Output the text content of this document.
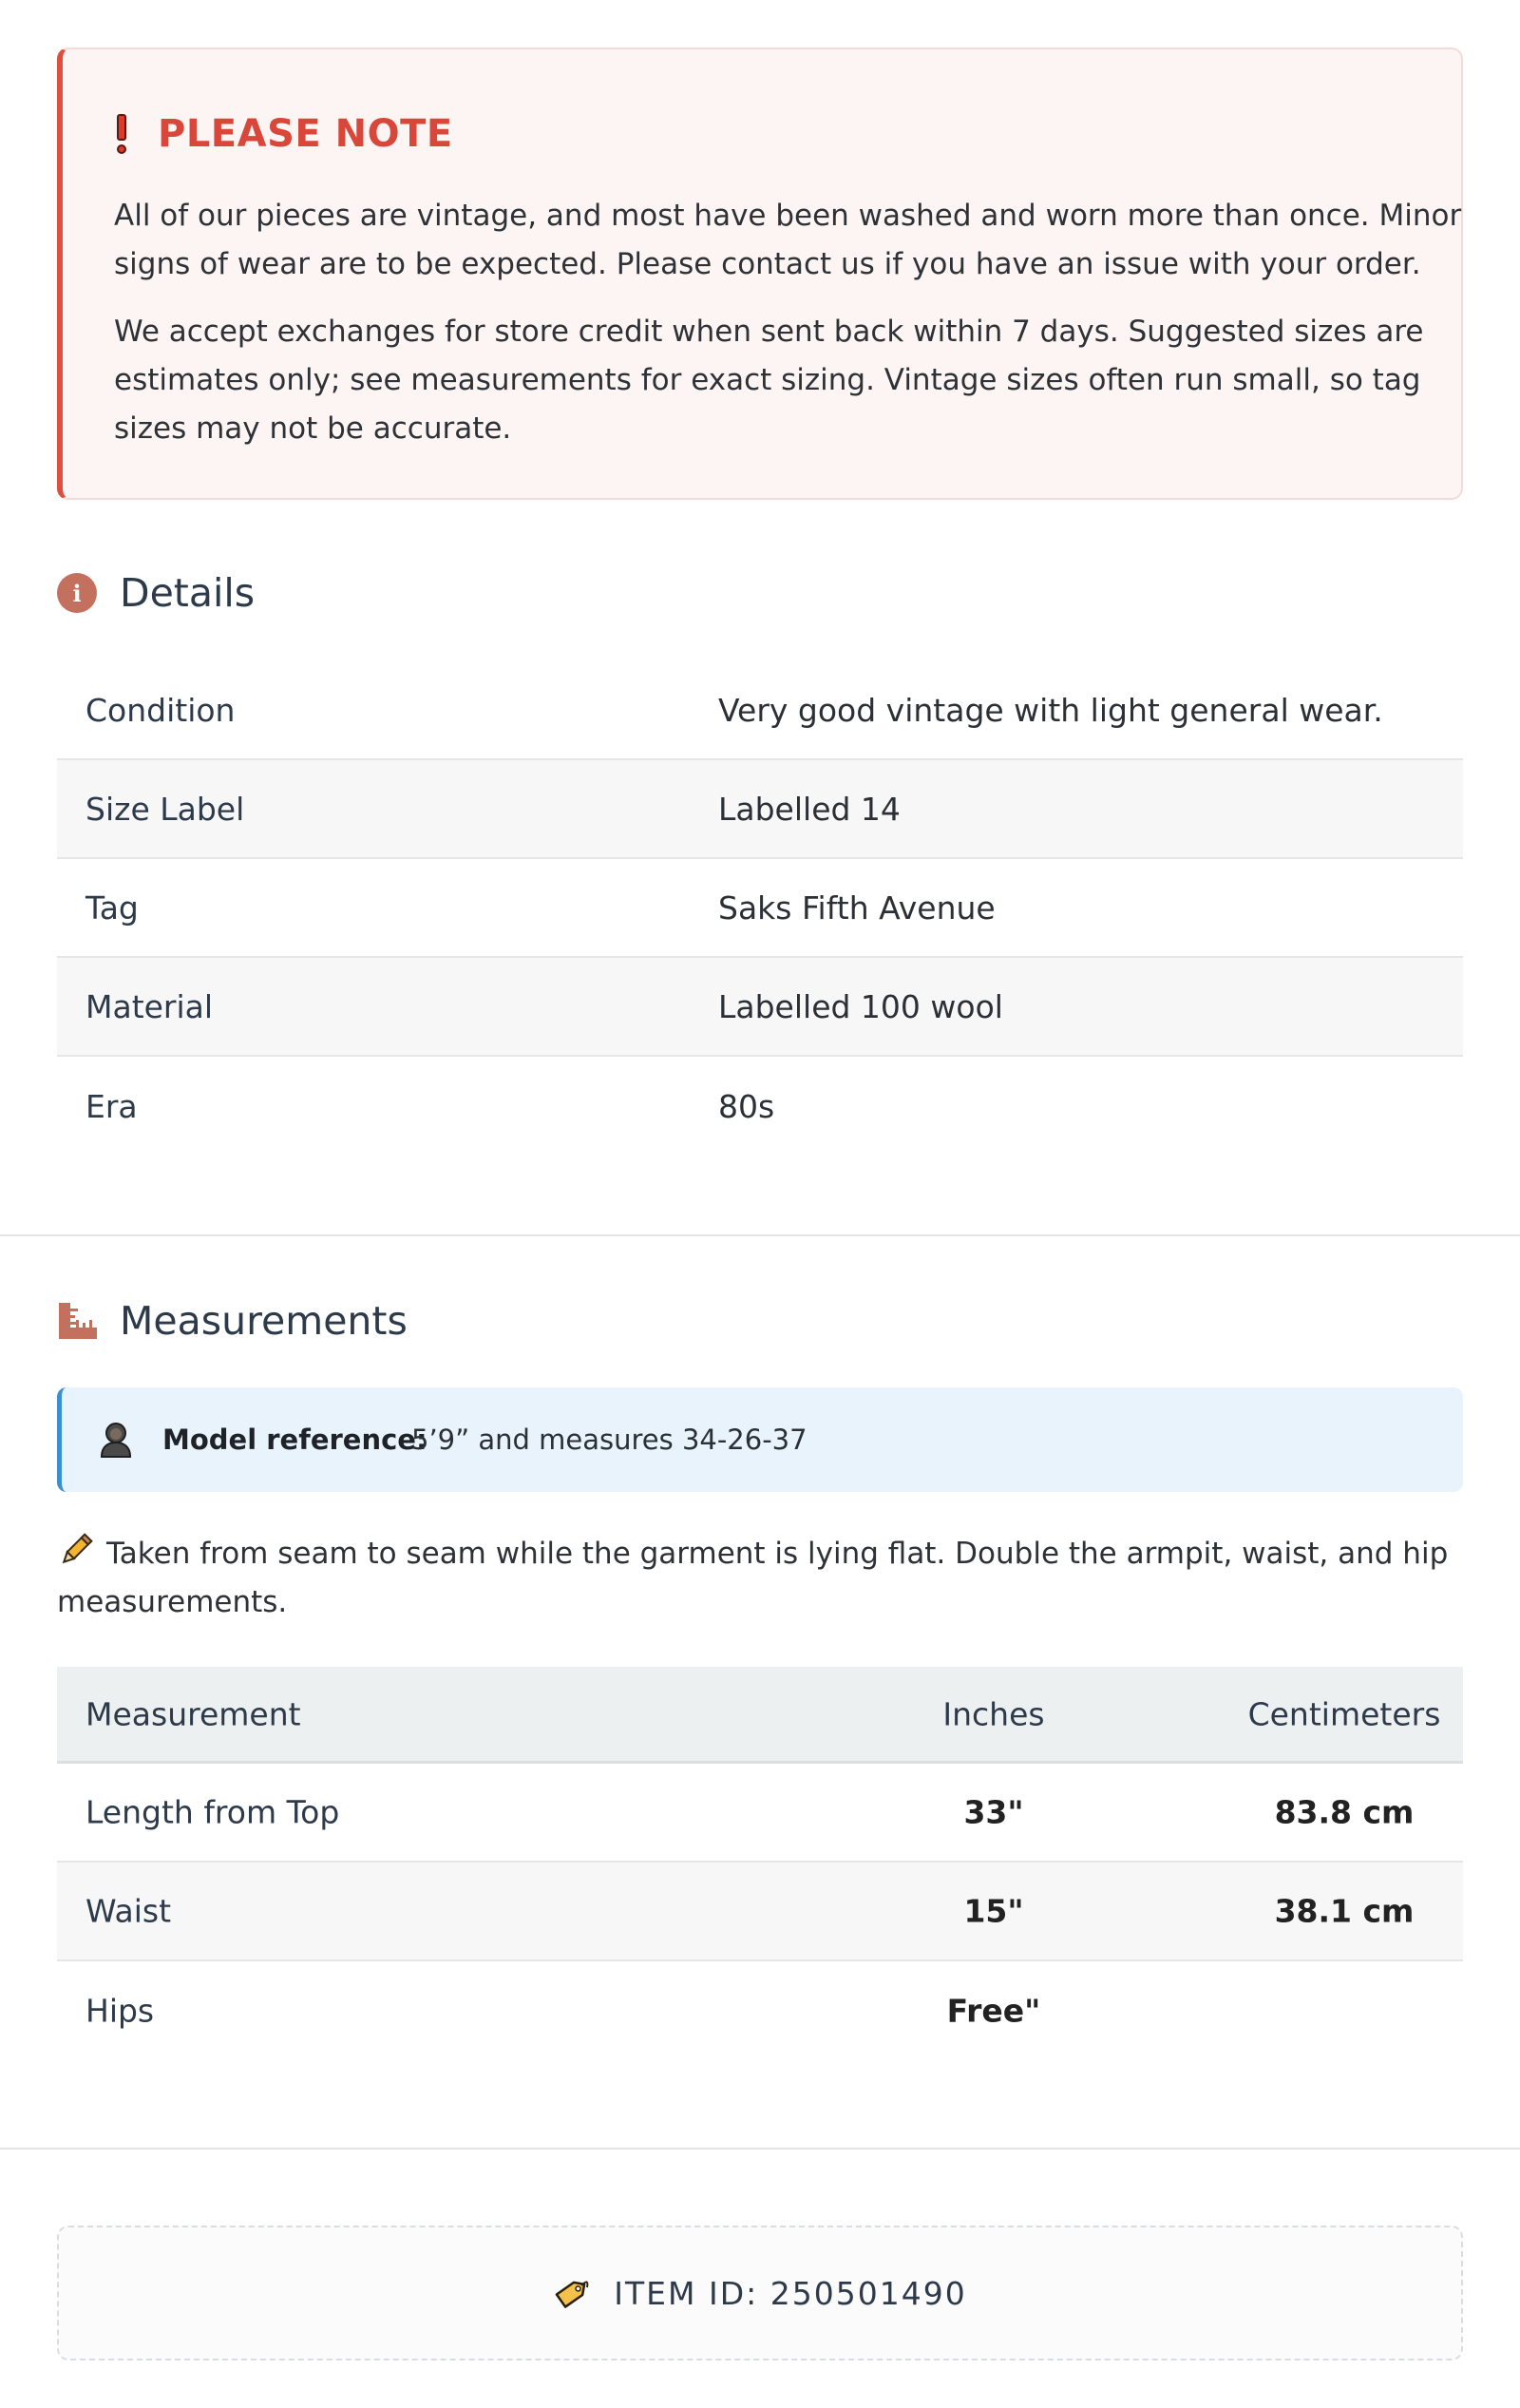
PLEASE NOTE

All of our pieces are vintage, and most have been washed and worn more than once. Minor signs of wear are to be expected. Please contact us if you have an issue with your order.

We accept exchanges for store credit when sent back within 7 days. Suggested sizes are estimates only; see measurements for exact sizing. Vintage sizes often run small, so tag sizes may not be accurate.

i Details
Condition	Very good vintage with light general wear.
Size Label	Labelled 14
Tag	Saks Fifth Avenue
Material	Labelled 100 wool
Era	80s
Measurements
Model reference:
5’9” and measures 34-26-37
Taken from seam to seam while the garment is lying flat. Double the armpit, waist, and hip measurements.
Measurement	Inches	Centimeters
Length from Top	33"	83.8 cm
Waist	15"	38.1 cm
Hips	Free"
ITEM ID: 250501490
